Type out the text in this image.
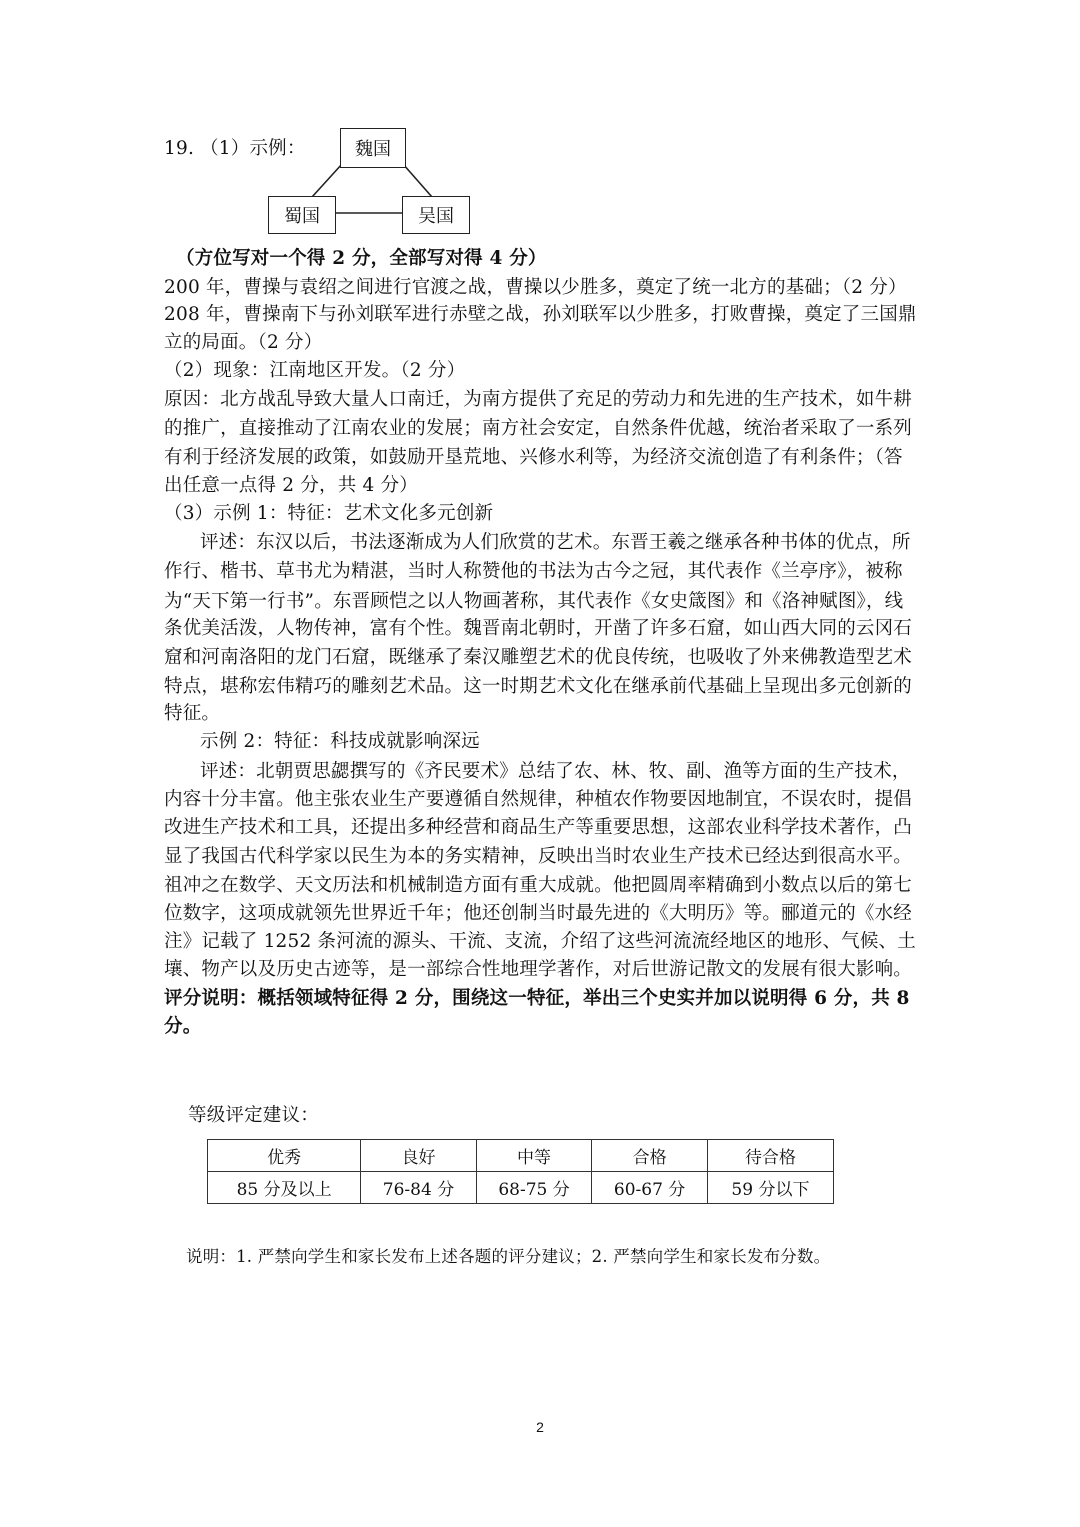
19. （1）示例：	魏国
蜀国	吴国
（方位写对一个得 2 分，全部写对得 4 分）
200 年，曹操与袁绍之间进行官渡之战，曹操以少胜多，奠定了统一北方的基础；（2 分）
208 年，曹操南下与孙刘联军进行赤壁之战，孙刘联军以少胜多，打败曹操，奠定了三国鼎
立的局面。（2 分）
（2）现象：江南地区开发。（2 分）
原因：北方战乱导致大量人口南迁，为南方提供了充足的劳动力和先进的生产技术，如牛耕
的推广，直接推动了江南农业的发展；南方社会安定，自然条件优越，统治者采取了一系列
有利于经济发展的政策，如鼓励开垦荒地、兴修水利等，为经济交流创造了有利条件；（答
出任意一点得 2 分，共 4 分）
（3）示例 1：特征：艺术文化多元创新
评述：东汉以后，书法逐渐成为人们欣赏的艺术。东晋王羲之继承各种书体的优点，所
作行、楷书、草书尤为精湛，当时人称赞他的书法为古今之冠，其代表作《兰亭序》，被称
为“天下第一行书”。东晋顾恺之以人物画著称，其代表作《女史箴图》和《洛神赋图》，线
条优美活泼，人物传神，富有个性。魏晋南北朝时，开凿了许多石窟，如山西大同的云冈石
窟和河南洛阳的龙门石窟，既继承了秦汉雕塑艺术的优良传统，也吸收了外来佛教造型艺术
特点，堪称宏伟精巧的雕刻艺术品。这一时期艺术文化在继承前代基础上呈现出多元创新的
特征。
示例 2：特征：科技成就影响深远
评述：北朝贾思勰撰写的《齐民要术》总结了农、林、牧、副、渔等方面的生产技术，
内容十分丰富。他主张农业生产要遵循自然规律，种植农作物要因地制宜，不误农时，提倡
改进生产技术和工具，还提出多种经营和商品生产等重要思想，这部农业科学技术著作，凸
显了我国古代科学家以民生为本的务实精神，反映出当时农业生产技术已经达到很高水平。
祖冲之在数学、天文历法和机械制造方面有重大成就。他把圆周率精确到小数点以后的第七
位数字，这项成就领先世界近千年；他还创制当时最先进的《大明历》等。郦道元的《水经
注》记载了 1252 条河流的源头、干流、支流，介绍了这些河流流经地区的地形、气候、土
壤、物产以及历史古迹等，是一部综合性地理学著作，对后世游记散文的发展有很大影响。
评分说明：概括领域特征得 2 分，围绕这一特征，举出三个史实并加以说明得 6 分，共 8
分。
等级评定建议：
优秀	良好	中等	合格	待合格
85 分及以上	76-84 分	68-75 分	60-67 分	59 分以下
说明：1. 严禁向学生和家长发布上述各题的评分建议；2. 严禁向学生和家长发布分数。
2
